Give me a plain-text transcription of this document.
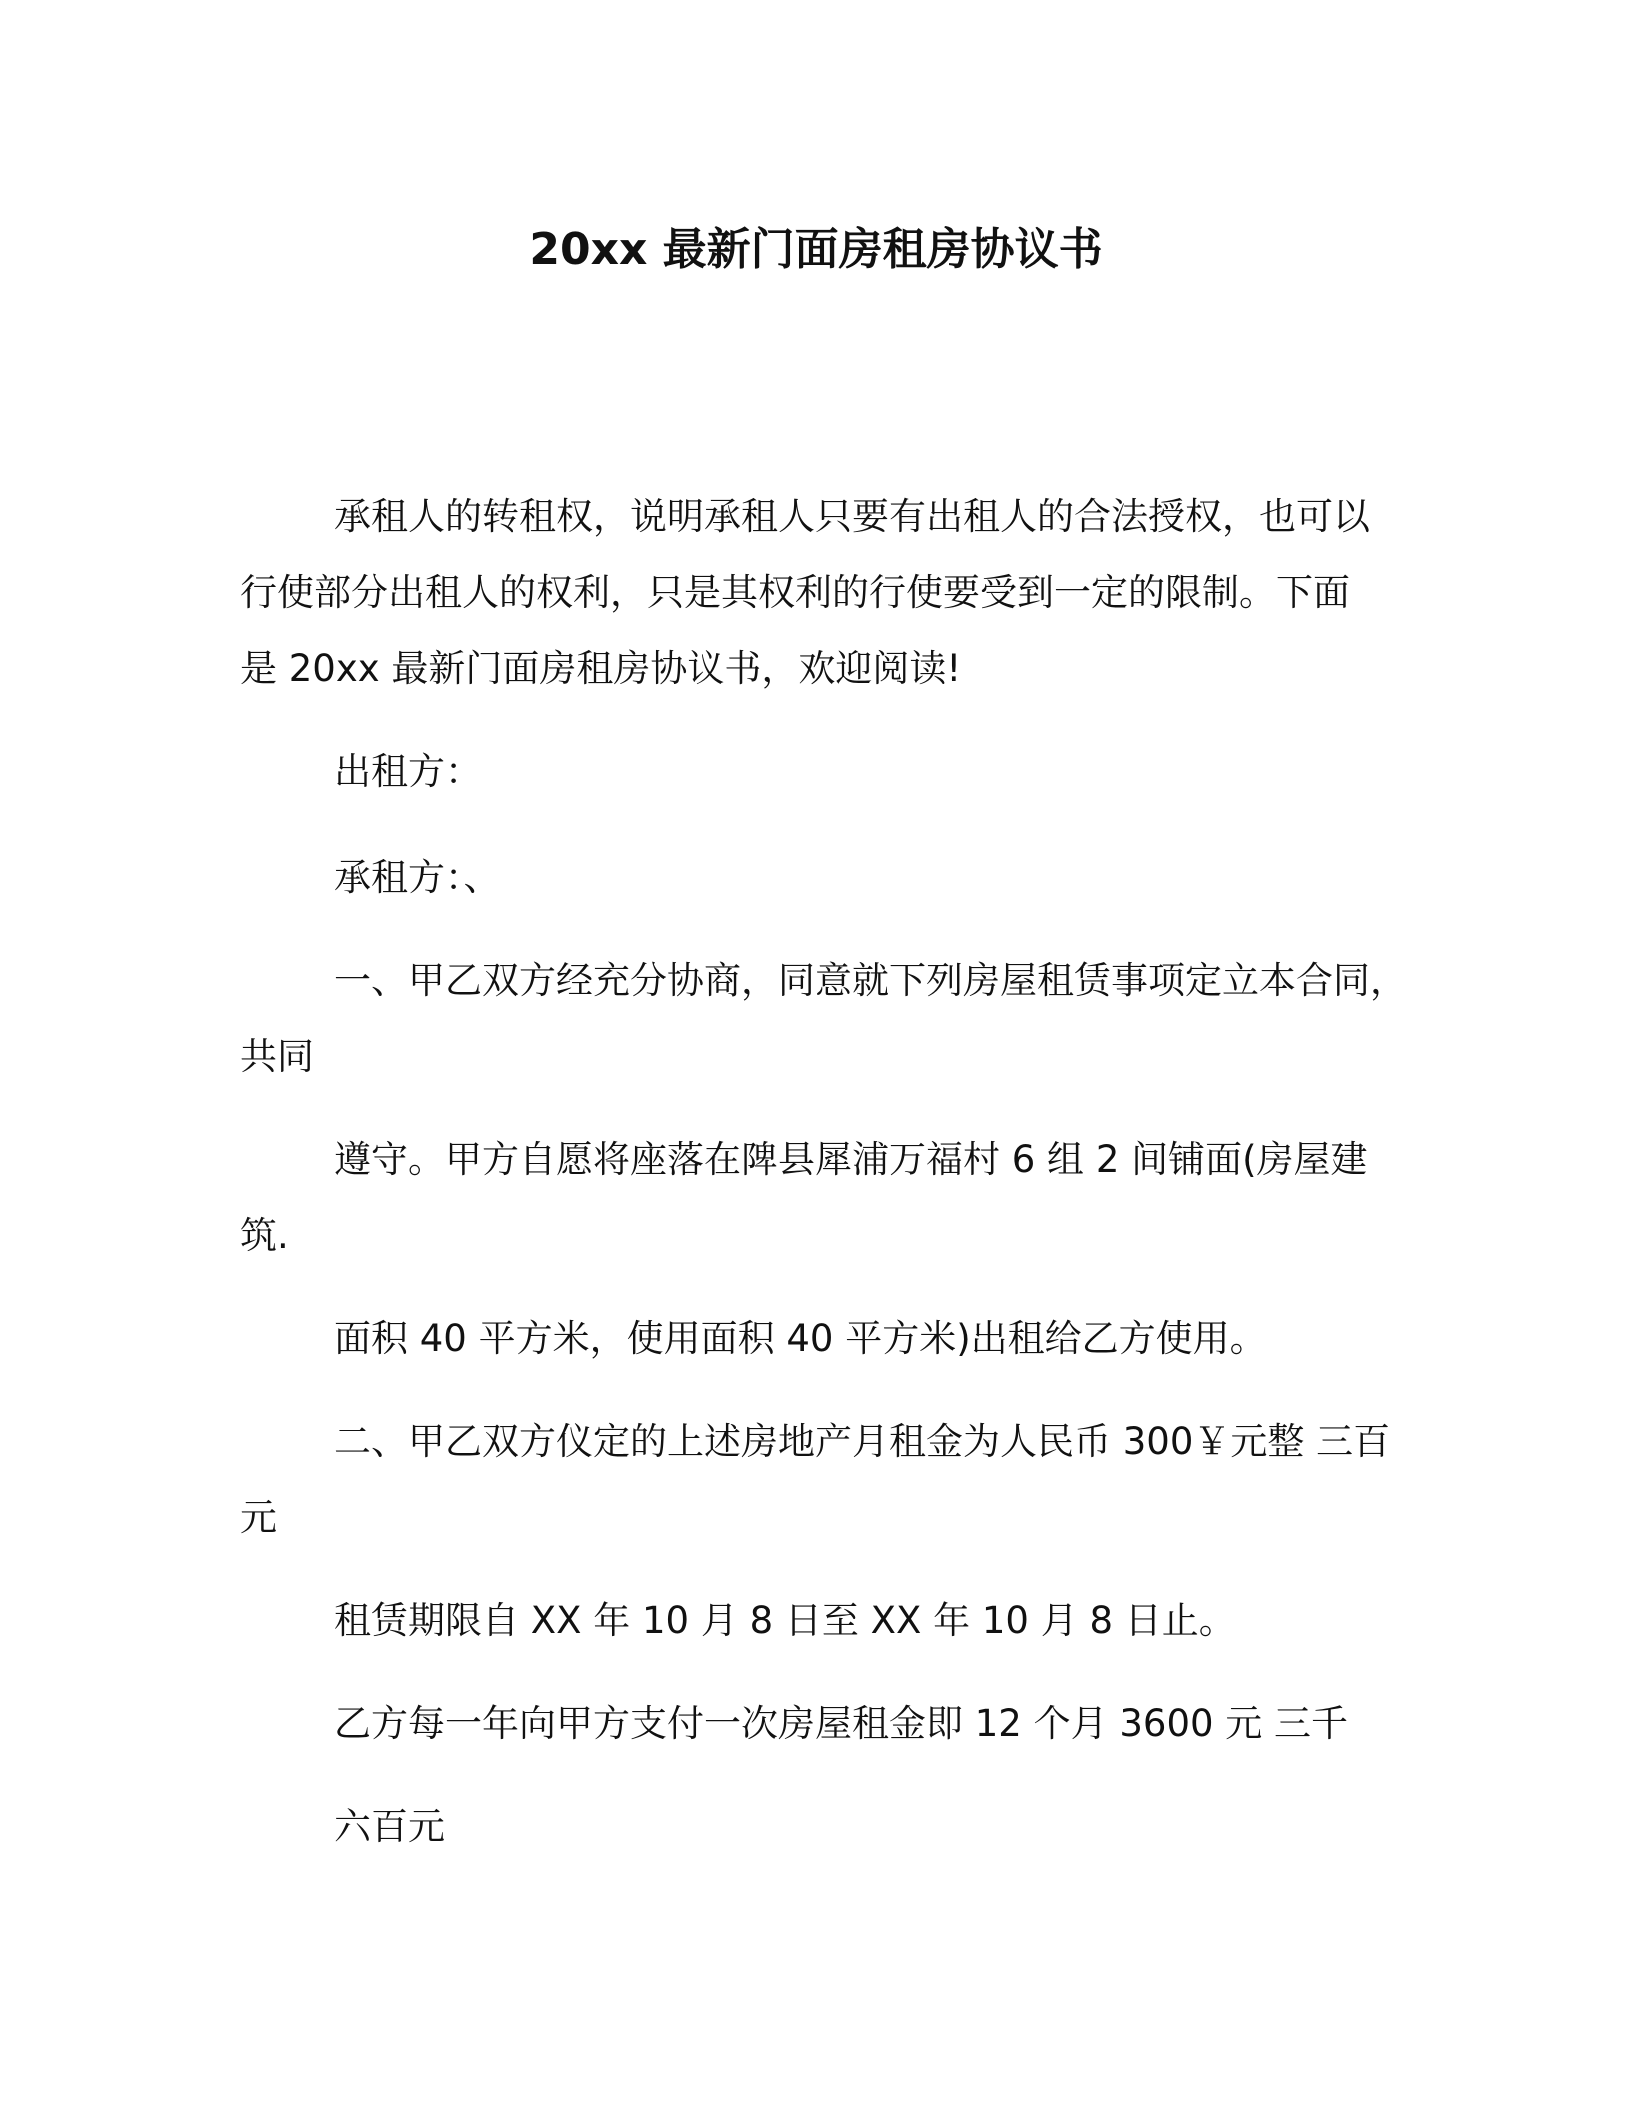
20xx 最新门面房租房协议书
承租人的转租权，说明承租人只要有出租人的合法授权，也可以
行使部分出租人的权利，只是其权利的行使要受到一定的限制。下面
是 20xx 最新门面房租房协议书，欢迎阅读!
出租方：
承租方：、
一、甲乙双方经充分协商，同意就下列房屋租赁事项定立本合同，
共同
遵守。甲方自愿将座落在陴县犀浦万福村 6 组 2 间铺面(房屋建
筑.
面积 40 平方米，使用面积 40 平方米)出租给乙方使用。
二、甲乙双方仪定的上述房地产月租金为人民币 300￥元整 三百
元
租赁期限自 XX 年 10 月 8 日至 XX 年 10 月 8 日止。
乙方每一年向甲方支付一次房屋租金即 12 个月 3600 元 三千
六百元
